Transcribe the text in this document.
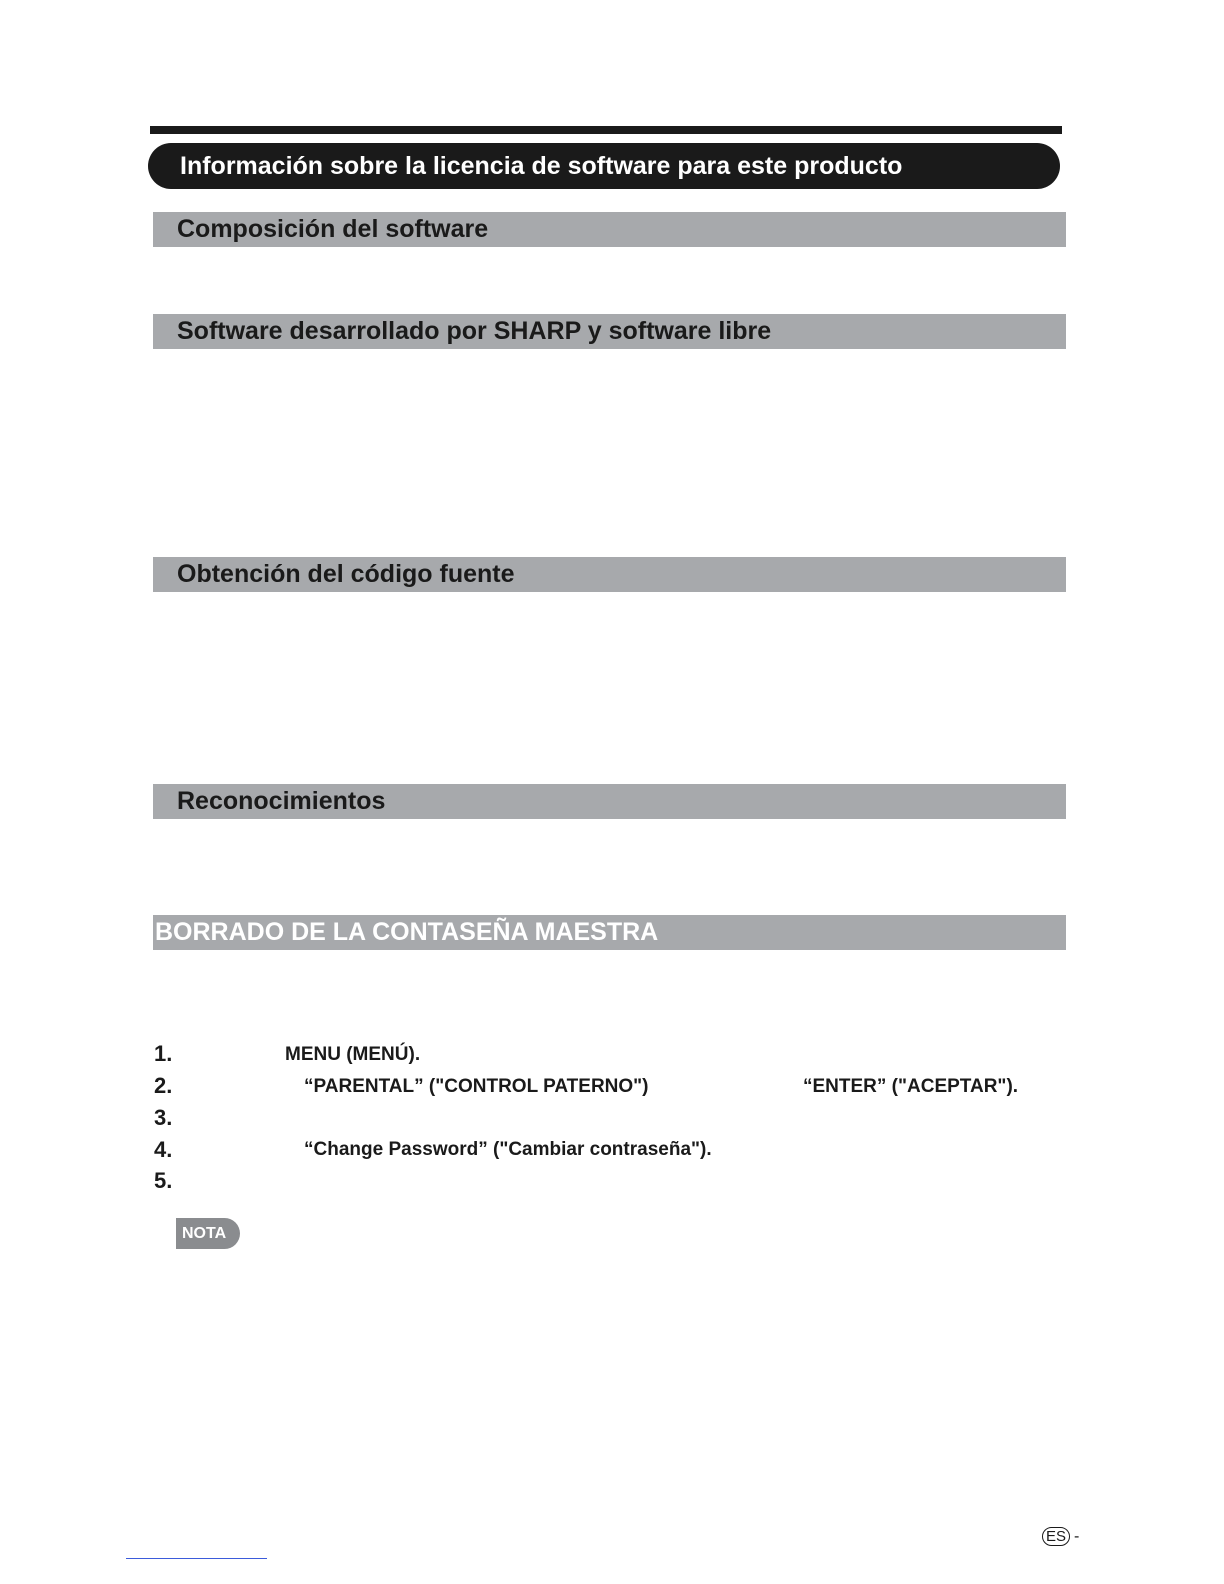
Información sobre la licencia de software para este producto
Composición del software
Software desarrollado por SHARP y software libre
Obtención del código fuente
Reconocimientos
BORRADO DE LA CONTASEÑA MAESTRA
1.	MENU (MENÚ).
2.	“PARENTAL” ("CONTROL PATERNO")	“ENTER” ("ACEPTAR").
3.
4.	“Change Password” ("Cambiar contraseña").
5.
NOTA
ES -
